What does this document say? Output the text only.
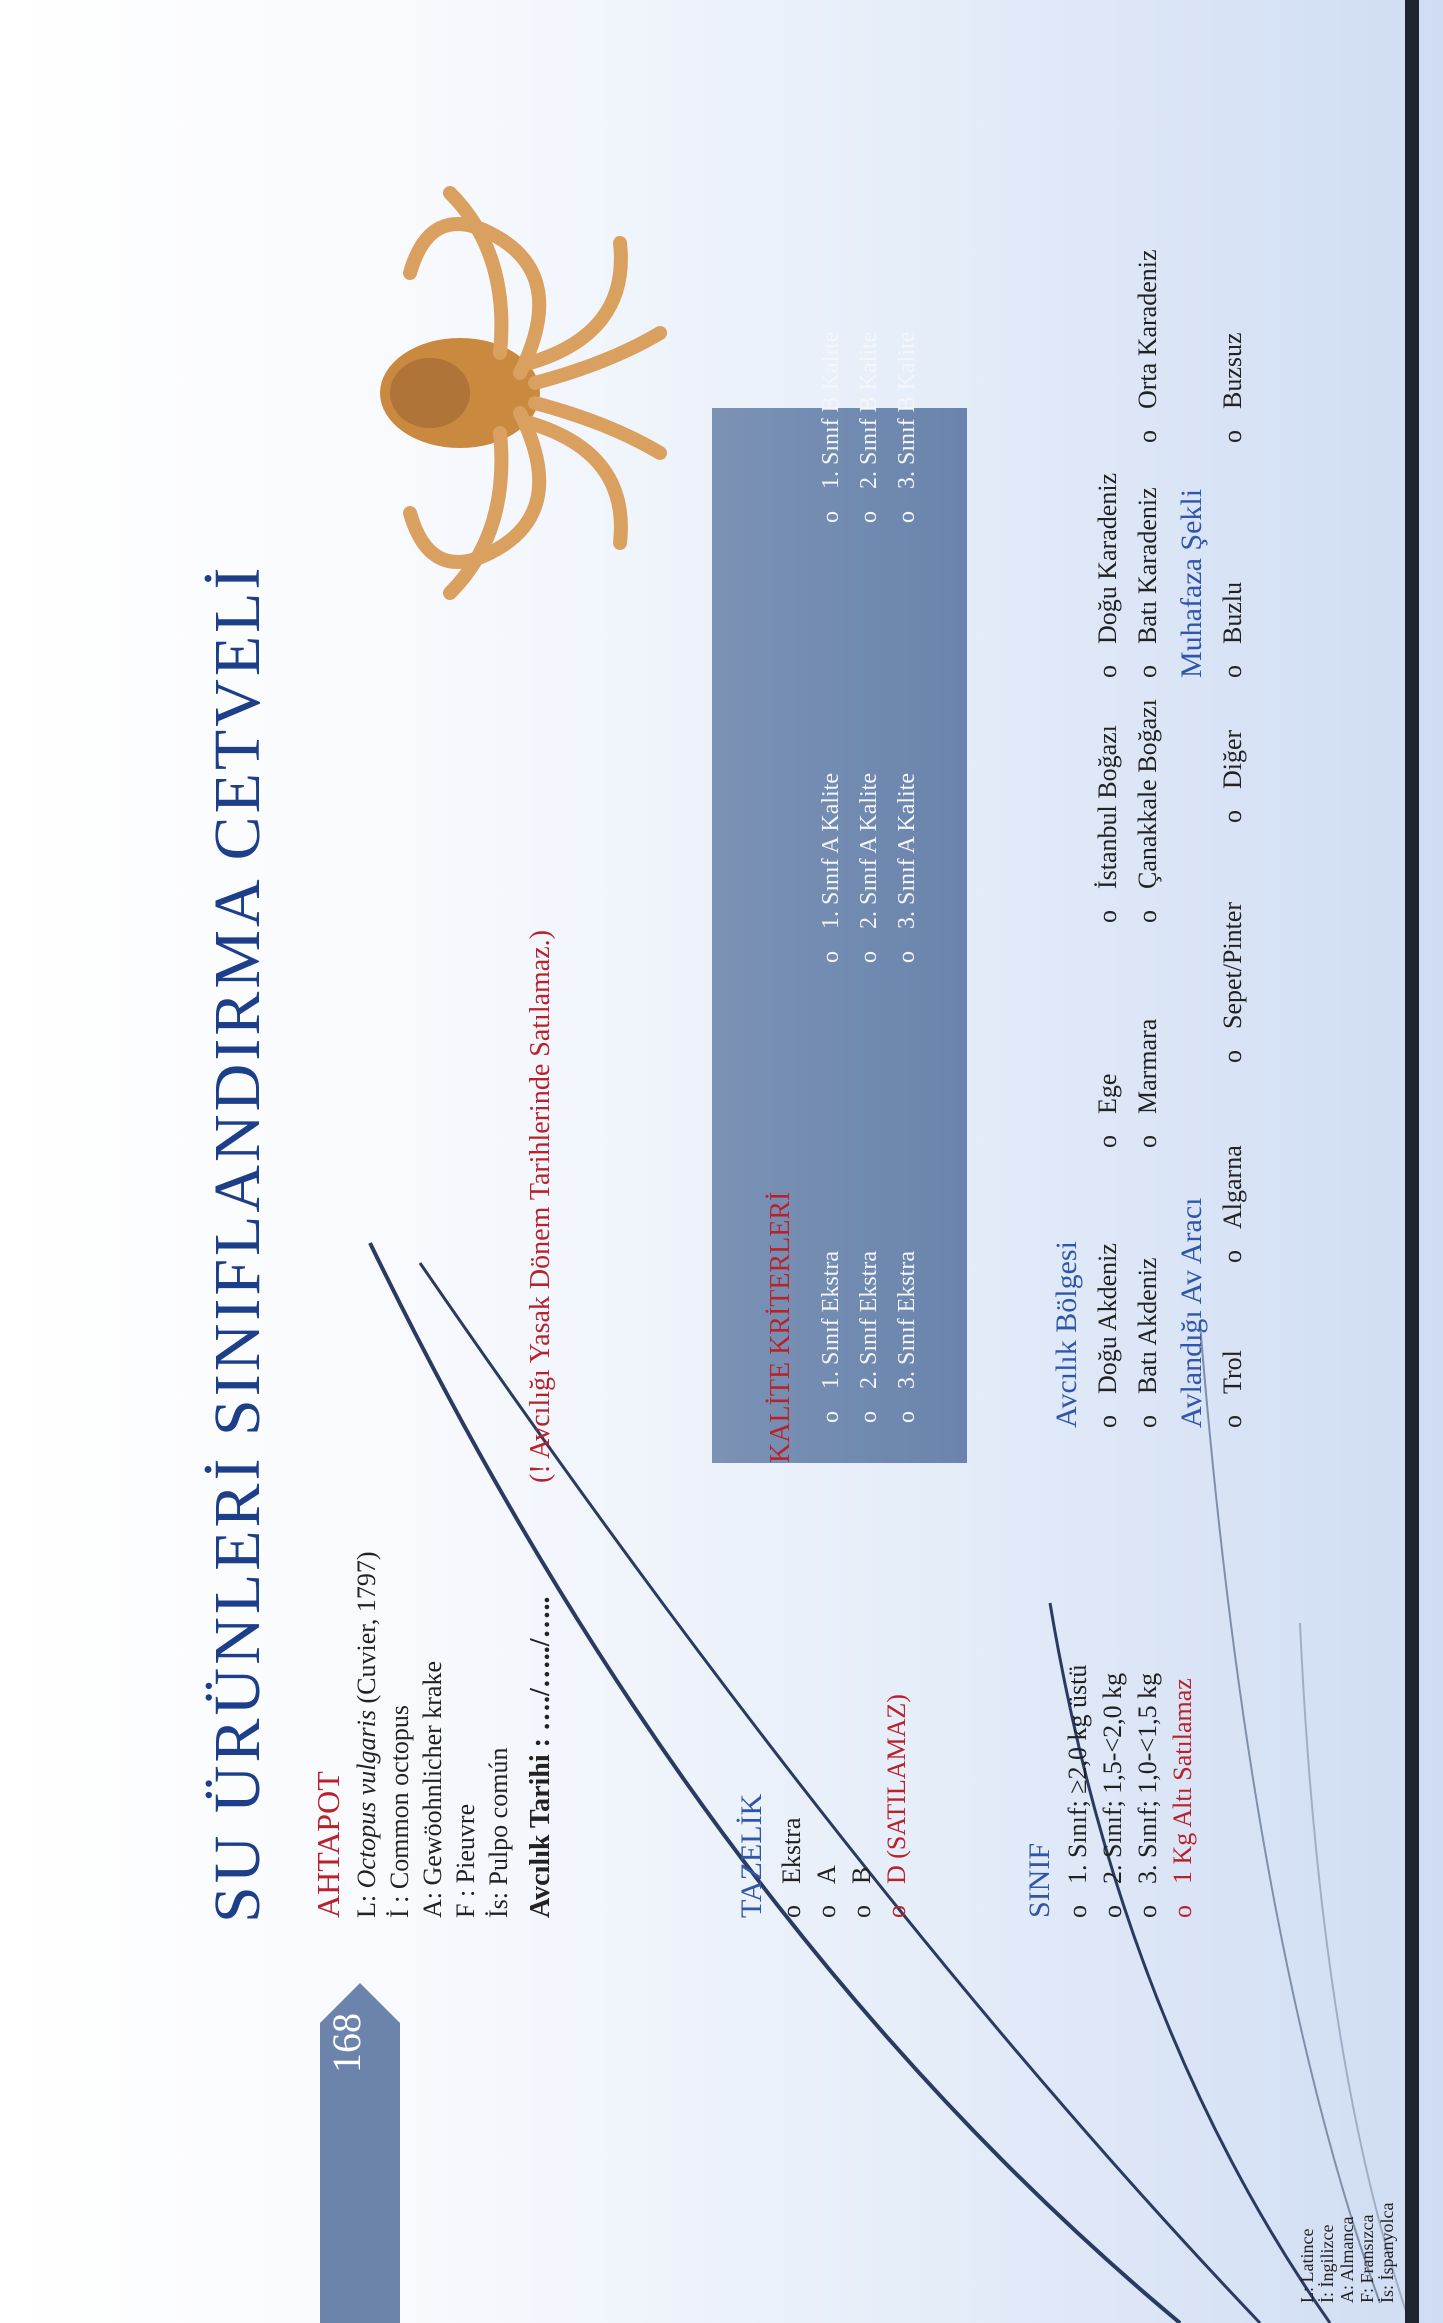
168
SU ÜRÜNLERİ SINIFLANDIRMA CETVELİ AHTAPOT L: Octopus vulgaris (Cuvier, 1797)
İ : Common octopus A: Gewöohnlicher krake F : Pieuvre İs: Pulpo común Avcılık Tarihi : …./…../…..
(! Avcılığı Yasak Dönem Tarihlerinde Satılamaz.)
TAZELİK o Ekstra o A o B o D (SATILAMAZ)	SINIF o 1. Sınıf; ≥2,0 kg üstü o 2. Sınıf; 1,5-<2,0 kg o 3. Sınıf; 1,0-<1,5 kg o 1 Kg Altı Satılamaz
KALİTE KRİTERLERİ o 1. Sınıf Ekstra o 2. Sınıf Ekstra o 3. Sınıf Ekstra
o 1. Sınıf A Kalite o 2. Sınıf A Kalite o 3. Sınıf A Kalite
o 1. Sınıf B Kalite o 2. Sınıf B Kalite o 3. Sınıf B Kalite
Avcılık Bölgesi o Doğu Akdeniz
o Ege
o İstanbul Boğazı
o Doğu Karadeniz
o Batı Akdeniz
o Marmara
o Çanakkale Boğazı
o Batı Karadeniz
o Orta Karadeniz
Avlandığı Av Aracı o Trol
o Algarna
o Sepet/Pinter
o Diğer
Muhafaza Şekli o Buzlu
o Buzsuz
L: Latince İ: İngilizce A: Almanca F: Fransızca İs: İspanyolca
